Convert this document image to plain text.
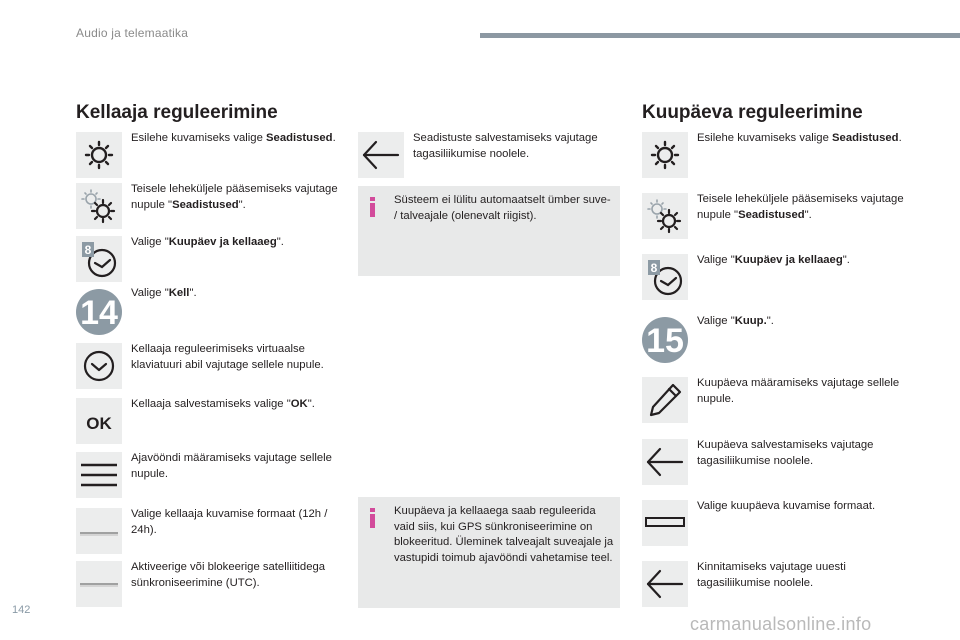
Audio ja telemaatika
Kellaaja reguleerimine
Esilehe kuvamiseks valige Seadistused.
Teisele leheküljele pääsemiseks vajutage nupule "Seadistused".
8
Valige "Kuupäev ja kellaaeg".
14
Valige "Kell".
Kellaaja reguleerimiseks virtuaalse klaviatuuri abil vajutage sellele nupule.
OK
Kellaaja salvestamiseks valige "OK".
Ajavööndi määramiseks vajutage sellele nupule.
Valige kellaaja kuvamise formaat (12h / 24h).
Aktiveerige või blokeerige satelliitidega sünkroniseerimine (UTC).
Seadistuste salvestamiseks vajutage tagasiliikumise noolele.
Süsteem ei lülitu automaatselt ümber suve- / talveajale (olenevalt riigist).
Kuupäeva ja kellaaega saab reguleerida vaid siis, kui GPS sünkroniseerimine on blokeeritud. Üleminek talveajalt suveajale ja vastupidi toimub ajavööndi vahetamise teel.
Kuupäeva reguleerimine
Esilehe kuvamiseks valige Seadistused.
Teisele leheküljele pääsemiseks vajutage nupule "Seadistused".
8
Valige "Kuupäev ja kellaaeg".
15
Valige "Kuup.".
Kuupäeva määramiseks vajutage sellele nupule.
Kuupäeva salvestamiseks vajutage tagasiliikumise noolele.
Valige kuupäeva kuvamise formaat.
Kinnitamiseks vajutage uuesti tagasiliikumise noolele.
142
carmanualsonline.info
